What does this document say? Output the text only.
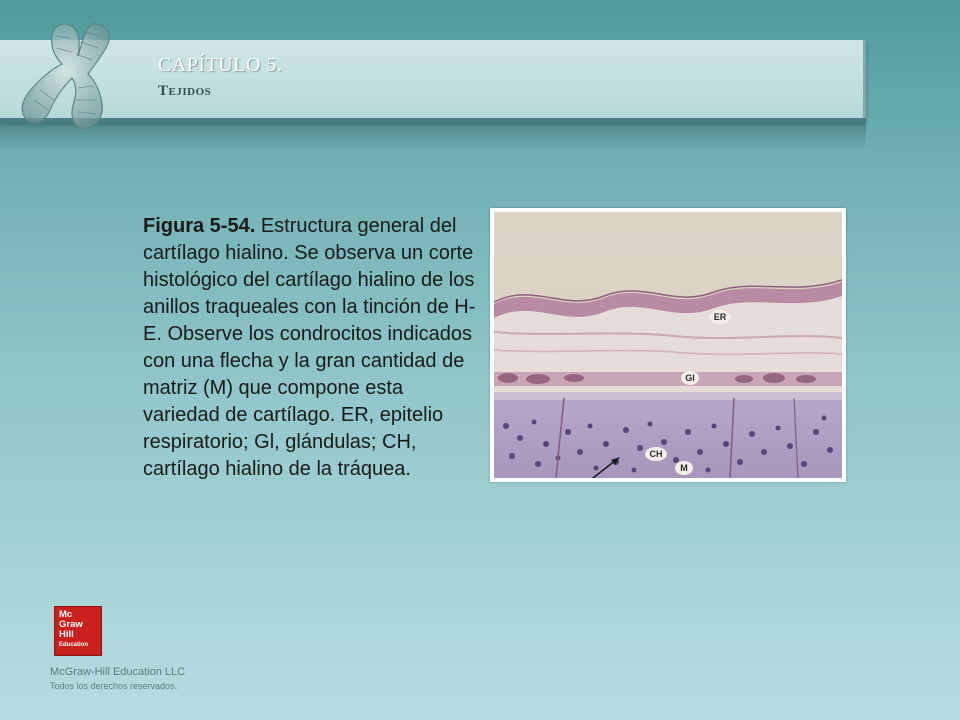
CAPÍTULO 5.
Tejidos

Figura 5-54. Estructura general del cartílago hialino. Se observa un corte histológico del cartílago hialino de los anillos traqueales con la tinción de H-E. Observe los condrocitos indicados con una flecha y la gran cantidad de matriz (M) que compone esta variedad de cartílago. ER, epitelio respiratorio; Gl, glándulas; CH, cartílago hialino de la tráquea.

ER
Gl
CH
M
Mc
Graw
Hill
Education

McGraw-Hill Education LLC

Todos los derechos reservados.
